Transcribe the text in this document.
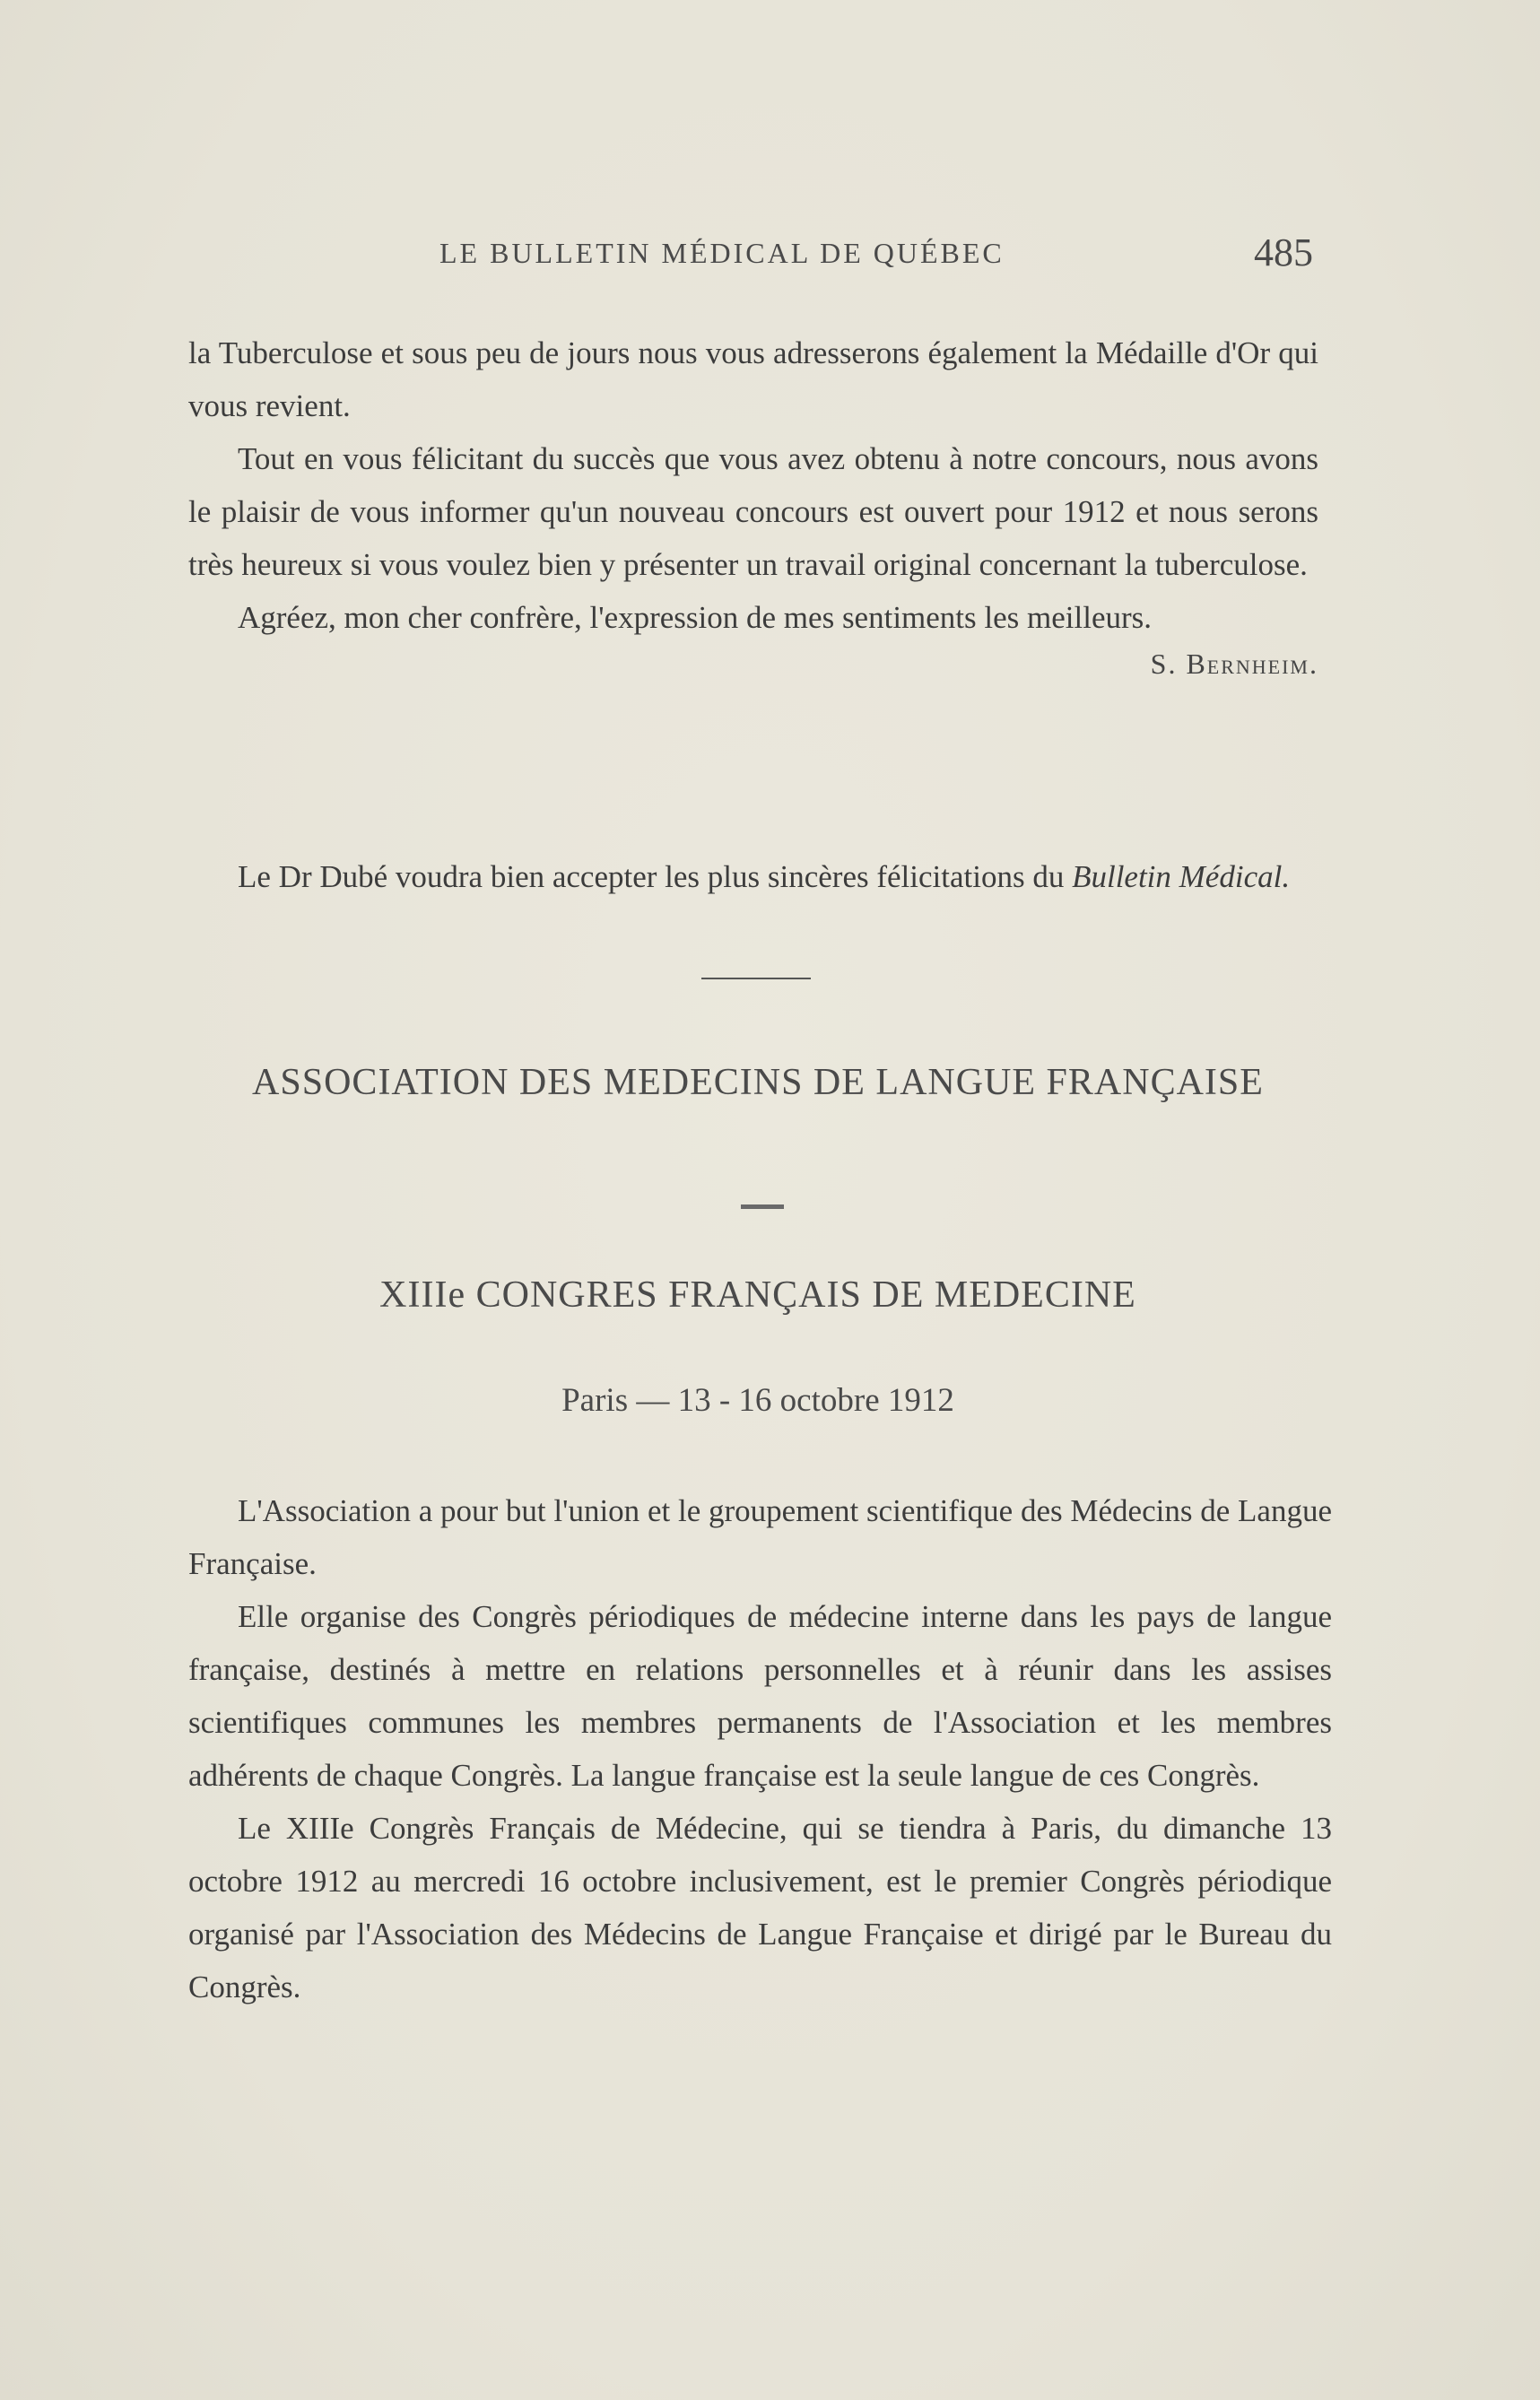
LE BULLETIN MÉDICAL DE QUÉBEC	485

la Tuberculose et sous peu de jours nous vous adresserons également la Médaille d'Or qui vous revient.

Tout en vous félicitant du succès que vous avez obtenu à notre concours, nous avons le plaisir de vous informer qu'un nouveau concours est ouvert pour 1912 et nous serons très heureux si vous voulez bien y présenter un travail original concernant la tuberculose.

Agréez, mon cher confrère, l'expression de mes sentiments les meilleurs.

S. Bernheim.

Le Dr Dubé voudra bien accepter les plus sincères félicitations du Bulletin Médical.

ASSOCIATION DES MEDECINS DE LANGUE FRANÇAISE
XIIIe CONGRES FRANÇAIS DE MEDECINE
Paris — 13 - 16 octobre 1912

L'Association a pour but l'union et le groupement scientifique des Médecins de Langue Française.

Elle organise des Congrès périodiques de médecine interne dans les pays de langue française, destinés à mettre en relations personnelles et à réunir dans les assises scientifiques communes les membres permanents de l'Association et les membres adhérents de chaque Congrès. La langue française est la seule langue de ces Congrès.

Le XIIIe Congrès Français de Médecine, qui se tiendra à Paris, du dimanche 13 octobre 1912 au mercredi 16 octobre inclusivement, est le premier Congrès périodique organisé par l'Association des Médecins de Langue Française et dirigé par le Bureau du Congrès.
